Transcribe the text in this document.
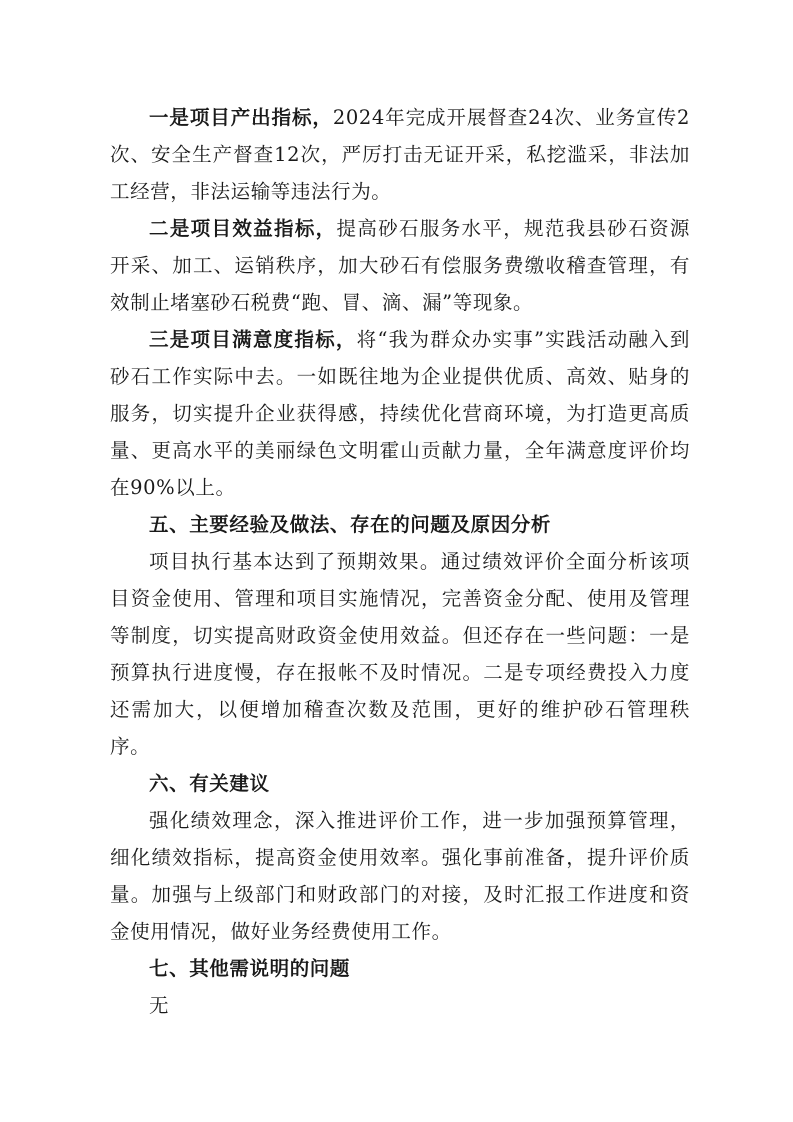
一是项目产出指标，2024年完成开展督查24次、业务宣传2次、安全生产督查12次，严厉打击无证开采，私挖滥采，非法加工经营，非法运输等违法行为。

二是项目效益指标，提高砂石服务水平，规范我县砂石资源开采、加工、运销秩序，加大砂石有偿服务费缴收稽查管理，有效制止堵塞砂石税费“跑、冒、滴、漏”等现象。

三是项目满意度指标，将“我为群众办实事”实践活动融入到砂石工作实际中去。一如既往地为企业提供优质、高效、贴身的服务，切实提升企业获得感，持续优化营商环境，为打造更高质量、更高水平的美丽绿色文明霍山贡献力量，全年满意度评价均在90%以上。

五、主要经验及做法、存在的问题及原因分析

项目执行基本达到了预期效果。通过绩效评价全面分析该项目资金使用、管理和项目实施情况，完善资金分配、使用及管理等制度，切实提高财政资金使用效益。但还存在一些问题：一是预算执行进度慢，存在报帐不及时情况。二是专项经费投入力度还需加大，以便增加稽查次数及范围，更好的维护砂石管理秩序。

六、有关建议

强化绩效理念，深入推进评价工作，进一步加强预算管理，细化绩效指标，提高资金使用效率。强化事前准备，提升评价质量。加强与上级部门和财政部门的对接，及时汇报工作进度和资金使用情况，做好业务经费使用工作。

七、其他需说明的问题

无
